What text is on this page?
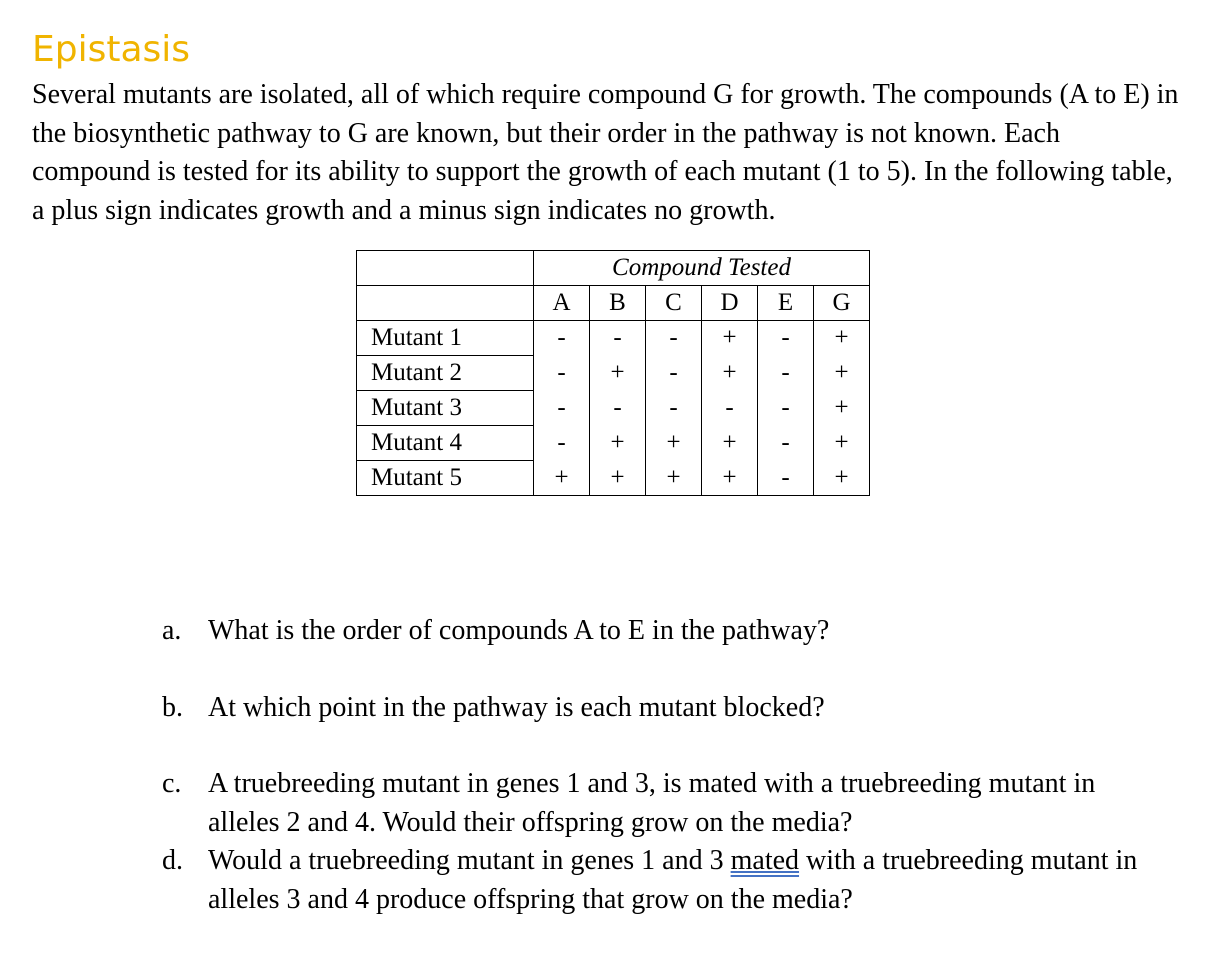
Epistasis

Several mutants are isolated, all of which require compound G for growth. The compounds (A to E) in the biosynthetic pathway to G are known, but their order in the pathway is not known. Each compound is tested for its ability to support the growth of each mutant (1 to 5). In the following table, a plus sign indicates growth and a minus sign indicates no growth.

	Compound Tested					
	A	B	C	D	E	G
Mutant 1	-	-	-	+	-	+
Mutant 2	-	+	-	+	-	+
Mutant 3	-	-	-	-	-	+
Mutant 4	-	+	+	+	-	+
Mutant 5	+	+	+	+	-	+
a. What is the order of compounds A to E in the pathway?
b. At which point in the pathway is each mutant blocked?
c. A truebreeding mutant in genes 1 and 3, is mated with a truebreeding mutant in alleles 2 and 4. Would their offspring grow on the media?
d. Would a truebreeding mutant in genes 1 and 3 mated with a truebreeding mutant in alleles 3 and 4 produce offspring that grow on the media?
